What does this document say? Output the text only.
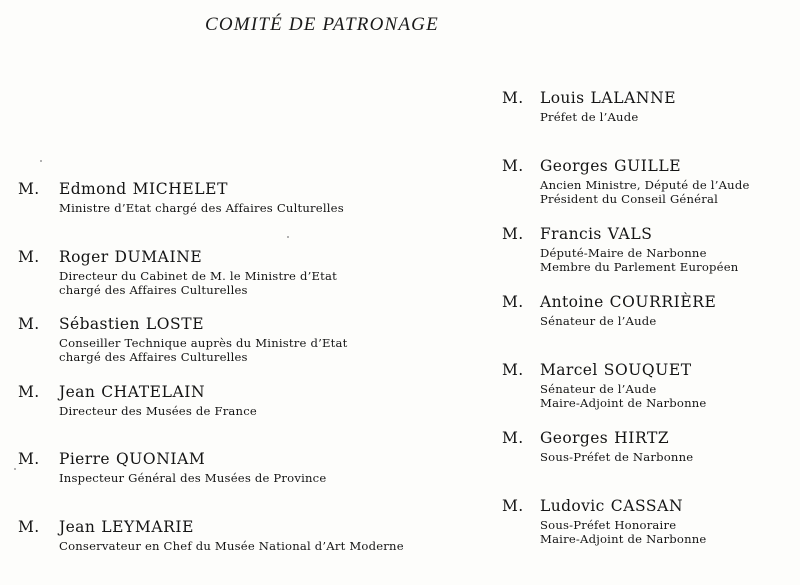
COMITÉ DE PATRONAGE
M. Edmond MICHELET
Ministre d’Etat chargé des Affaires Culturelles
M. Roger DUMAINE
Directeur du Cabinet de M. le Ministre d’Etat
chargé des Affaires Culturelles
M. Sébastien LOSTE
Conseiller Technique auprès du Ministre d’Etat
chargé des Affaires Culturelles
M. Jean CHATELAIN
Directeur des Musées de France
M. Pierre QUONIAM
Inspecteur Général des Musées de Province
M. Jean LEYMARIE
Conservateur en Chef du Musée National d’Art Moderne
M. Louis LALANNE
Préfet de l’Aude
M. Georges GUILLE
Ancien Ministre, Député de l’Aude
Président du Conseil Général
M. Francis VALS
Député-Maire de Narbonne
Membre du Parlement Européen
M. Antoine COURRIÈRE
Sénateur de l’Aude
M. Marcel SOUQUET
Sénateur de l’Aude
Maire-Adjoint de Narbonne
M. Georges HIRTZ
Sous-Préfet de Narbonne
M. Ludovic CASSAN
Sous-Préfet Honoraire
Maire-Adjoint de Narbonne
